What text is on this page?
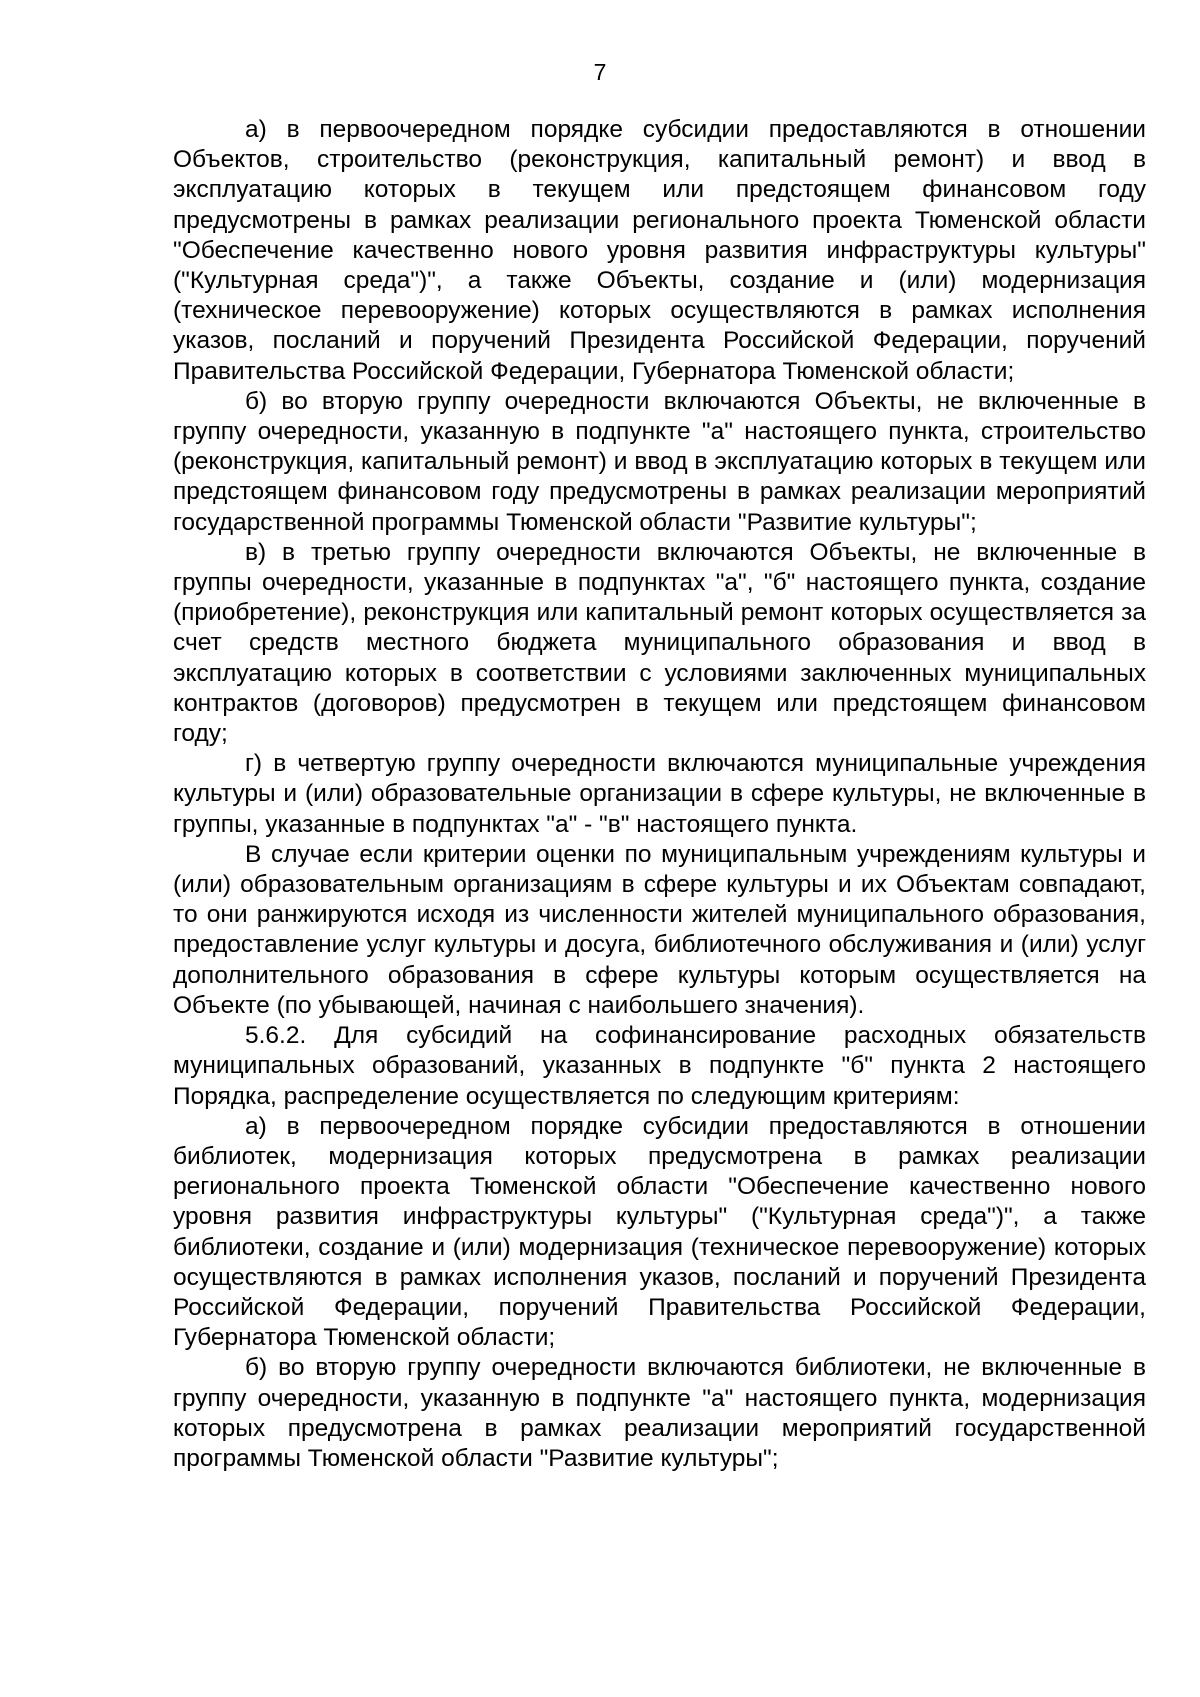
7

а) в первоочередном порядке субсидии предоставляются в отношении Объектов, строительство (реконструкция, капитальный ремонт) и ввод в эксплуатацию которых в текущем или предстоящем финансовом году предусмотрены в рамках реализации регионального проекта Тюменской области "Обеспечение качественно нового уровня развития инфраструктуры культуры" ("Культурная среда")", а также Объекты, создание и (или) модернизация (техническое перевооружение) которых осуществляются в рамках исполнения указов, посланий и поручений Президента Российской Федерации, поручений Правительства Российской Федерации, Губернатора Тюменской области;

б) во вторую группу очередности включаются Объекты, не включенные в группу очередности, указанную в подпункте "а" настоящего пункта, строительство (реконструкция, капитальный ремонт) и ввод в эксплуатацию которых в текущем или предстоящем финансовом году предусмотрены в рамках реализации мероприятий государственной программы Тюменской области "Развитие культуры";

в) в третью группу очередности включаются Объекты, не включенные в группы очередности, указанные в подпунктах "а", "б" настоящего пункта, создание (приобретение), реконструкция или капитальный ремонт которых осуществляется за счет средств местного бюджета муниципального образования и ввод в эксплуатацию которых в соответствии с условиями заключенных муниципальных контрактов (договоров) предусмотрен в текущем или предстоящем финансовом году;

г) в четвертую группу очередности включаются муниципальные учреждения культуры и (или) образовательные организации в сфере культуры, не включенные в группы, указанные в подпунктах "а" - "в" настоящего пункта.

В случае если критерии оценки по муниципальным учреждениям культуры и (или) образовательным организациям в сфере культуры и их Объектам совпадают, то они ранжируются исходя из численности жителей муниципального образования, предоставление услуг культуры и досуга, библиотечного обслуживания и (или) услуг дополнительного образования в сфере культуры которым осуществляется на Объекте (по убывающей, начиная с наибольшего значения).

5.6.2. Для субсидий на софинансирование расходных обязательств муниципальных образований, указанных в подпункте "б" пункта 2 настоящего Порядка, распределение осуществляется по следующим критериям:

а) в первоочередном порядке субсидии предоставляются в отношении библиотек, модернизация которых предусмотрена в рамках реализации регионального проекта Тюменской области "Обеспечение качественно нового уровня развития инфраструктуры культуры" ("Культурная среда")", а также библиотеки, создание и (или) модернизация (техническое перевооружение) которых осуществляются в рамках исполнения указов, посланий и поручений Президента Российской Федерации, поручений Правительства Российской Федерации, Губернатора Тюменской области;

б) во вторую группу очередности включаются библиотеки, не включенные в группу очередности, указанную в подпункте "а" настоящего пункта, модернизация которых предусмотрена в рамках реализации мероприятий государственной программы Тюменской области "Развитие культуры";
